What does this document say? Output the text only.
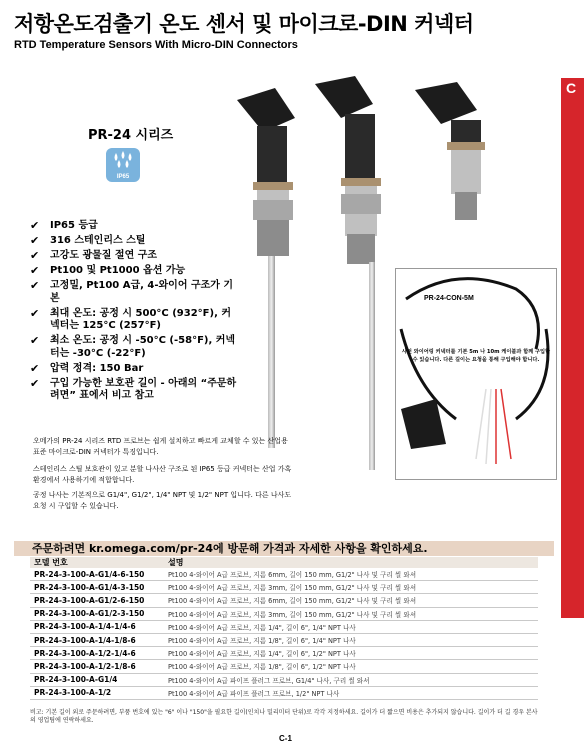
저항온도검출기 온도 센서 및 마이크로-DIN 커넥터
RTD Temperature Sensors With Micro-DIN Connectors
C
PR-24 시리즈
IP65
✔ IP65 등급
✔ 316 스테인리스 스틸
✔ 고강도 광물질 절연 구조
✔ Pt100 및 Pt1000 옵션 가능
✔ 고정밀, Pt100 A급, 4-와이어 구조가 기본
✔ 최대 온도: 공정 시 500°C (932°F), 커넥터는 125°C (257°F)
✔ 최소 온도: 공정 시 -50°C (-58°F), 커넥터는 -30°C (-22°F)
✔ 압력 정격: 150 Bar
✔ 구입 가능한 보호관 길이 - 아래의 “주문하려면” 표에서 비고 참고
오메가의 PR-24 시리즈 RTD 프로브는 쉽게 설치하고 빠르게 교체할 수 있는 산업용 표준 마이크로-DIN 커넥터가 특징입니다.
스테인리스 스틸 보호관이 있고 분할 나사산 구조로 된 IP65 등급 커넥터는 산업 가혹 환경에서 사용하기에 적합합니다.
공정 나사는 기본적으로 G1/4", G1/2", 1/4" NPT 및 1/2" NPT 입니다. 다른 나사도 요청 시 구입할 수 있습니다.
PR-24-CON-5M
사전 와이어링 커넥터를 기본 5m 나 10m 케이블과 함께 구입할 수 있습니다. 다른 길이는 요청을 통해 구입해야 합니다.
주문하려면 kr.omega.com/pr-24에 방문해 가격과 자세한 사항을 확인하세요.
모델 번호	설명
PR-24-3-100-A-G1/4-6-150	Pt100 4-와이어 A급 프로브, 지름 6mm, 길이 150 mm, G1/2" 나사 및 구리 씰 와셔
PR-24-3-100-A-G1/4-3-150	Pt100 4-와이어 A급 프로브, 지름 3mm, 길이 150 mm, G1/2" 나사 및 구리 씰 와셔
PR-24-3-100-A-G1/2-6-150	Pt100 4-와이어 A급 프로브, 지름 6mm, 길이 150 mm, G1/2" 나사 및 구리 씰 와셔
PR-24-3-100-A-G1/2-3-150	Pt100 4-와이어 A급 프로브, 지름 3mm, 길이 150 mm, G1/2" 나사 및 구리 씰 와셔
PR-24-3-100-A-1/4-1/4-6	Pt100 4-와이어 A급 프로브, 지름 1/4", 길이 6", 1/4" NPT 나사
PR-24-3-100-A-1/4-1/8-6	Pt100 4-와이어 A급 프로브, 지름 1/8", 길이 6", 1/4" NPT 나사
PR-24-3-100-A-1/2-1/4-6	Pt100 4-와이어 A급 프로브, 지름 1/4", 길이 6", 1/2" NPT 나사
PR-24-3-100-A-1/2-1/8-6	Pt100 4-와이어 A급 프로브, 지름 1/8", 길이 6", 1/2" NPT 나사
PR-24-3-100-A-G1/4	Pt100 4-와이어 A급 파이프 플러그 프로브, G1/4" 나사, 구리 씰 와셔
PR-24-3-100-A-1/2	Pt100 4-와이어 A급 파이프 플러그 프로브, 1/2" NPT 나사
비고: 기본 길이 외로 주문하려면, 부품 번호에 있는 "6" 이나 "150"을 필요한 길이(인치나 밀리미터 단위)로 각각 지정하세요. 길이가 더 짧으면 비용은 추가되지 않습니다. 길이가 더 길 경우 본사의 영업팀에 연락하세요.
C-1
